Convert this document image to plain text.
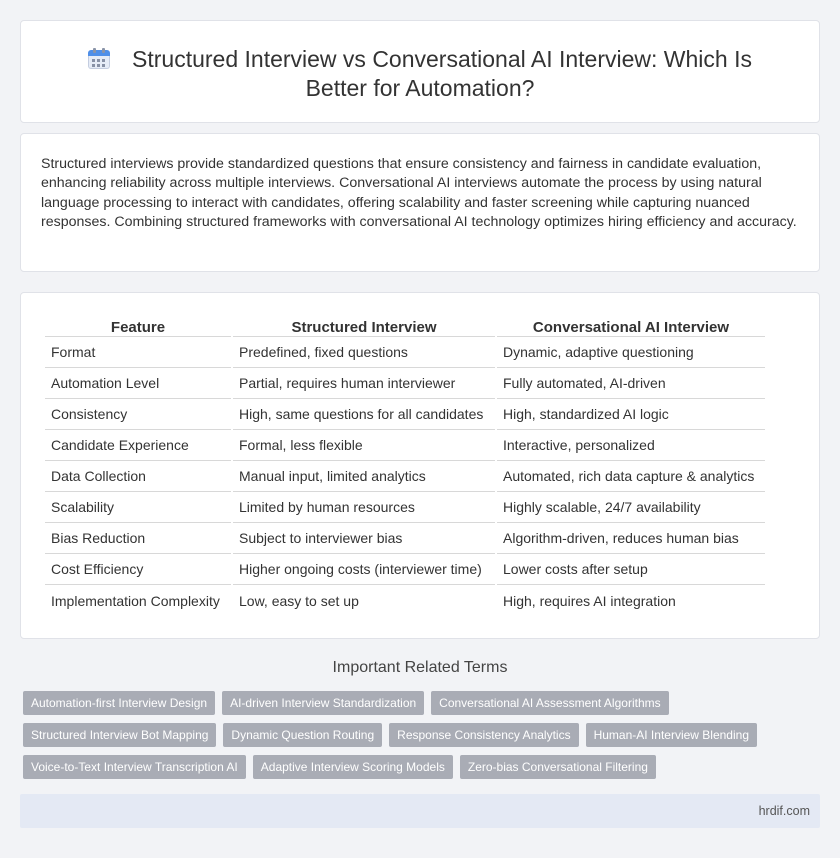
Structured Interview vs Conversational AI Interview: Which Is Better for Automation?

Structured interviews provide standardized questions that ensure consistency and fairness in candidate evaluation, enhancing reliability across multiple interviews. Conversational AI interviews automate the process by using natural language processing to interact with candidates, offering scalability and faster screening while capturing nuanced responses. Combining structured frameworks with conversational AI technology optimizes hiring efficiency and accuracy.

Feature	Structured Interview	Conversational AI Interview
Format	Predefined, fixed questions	Dynamic, adaptive questioning
Automation Level	Partial, requires human interviewer	Fully automated, AI-driven
Consistency	High, same questions for all candidates	High, standardized AI logic
Candidate Experience	Formal, less flexible	Interactive, personalized
Data Collection	Manual input, limited analytics	Automated, rich data capture & analytics
Scalability	Limited by human resources	Highly scalable, 24/7 availability
Bias Reduction	Subject to interviewer bias	Algorithm-driven, reduces human bias
Cost Efficiency	Higher ongoing costs (interviewer time)	Lower costs after setup
Implementation Complexity	Low, easy to set up	High, requires AI integration
Important Related Terms
Automation-first Interview Design	AI-driven Interview Standardization	Conversational AI Assessment Algorithms
Structured Interview Bot Mapping	Dynamic Question Routing	Response Consistency Analytics	Human-AI Interview Blending
Voice-to-Text Interview Transcription AI	Adaptive Interview Scoring Models	Zero-bias Conversational Filtering
hrdif.com
